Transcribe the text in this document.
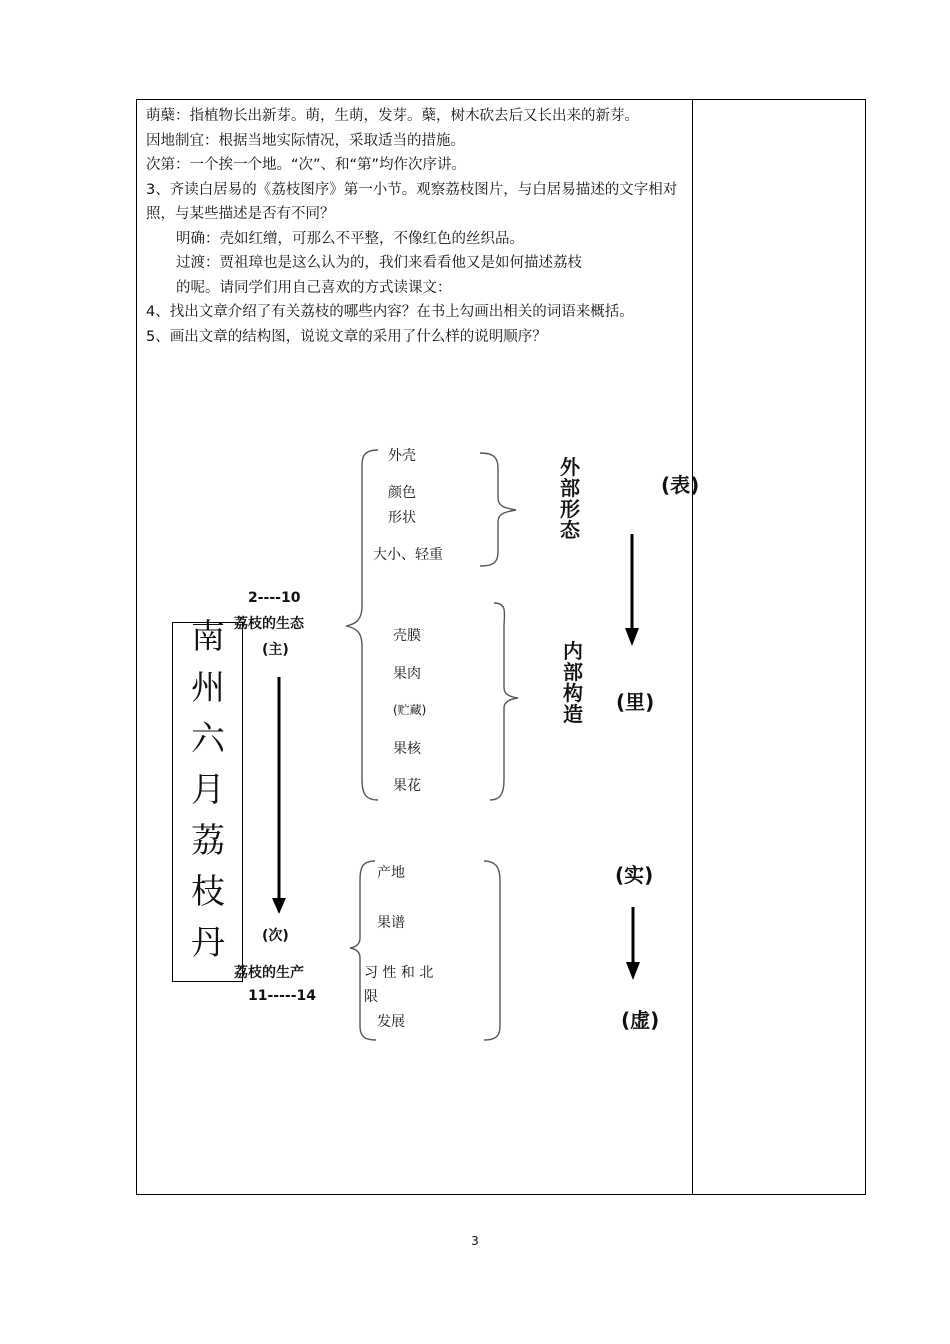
萌蘖：指植物长出新芽。萌，生萌，发芽。蘖，树木砍去后又长出来的新芽。

因地制宜：根据当地实际情况，采取适当的措施。

次第：一个挨一个地。“次”、和“第”均作次序讲。

3、齐读白居易的《荔枝图序》第一小节。观察荔枝图片，与白居易描述的文字相对照，与某些描述是否有不同？

明确：壳如红缯，可那么不平整，不像红色的丝织品。

过渡：贾祖璋也是这么认为的，我们来看看他又是如何描述荔枝

的呢。请同学们用自己喜欢的方式读课文：

4、找出文章介绍了有关荔枝的哪些内容？在书上勾画出相关的词语来概括。

5、画出文章的结构图，说说文章的采用了什么样的说明顺序？

南州六月荔枝丹
2----10
荔枝的生态
(主)
(次)
荔枝的生产
11-----14
外壳
颜色
形状
大小、轻重
壳膜
果肉
(贮藏)
果核
果花
外部形态
内部构造
产地
果谱
习 性 和 北
限
发展
(表)
(里)
(实)
(虚)
3
